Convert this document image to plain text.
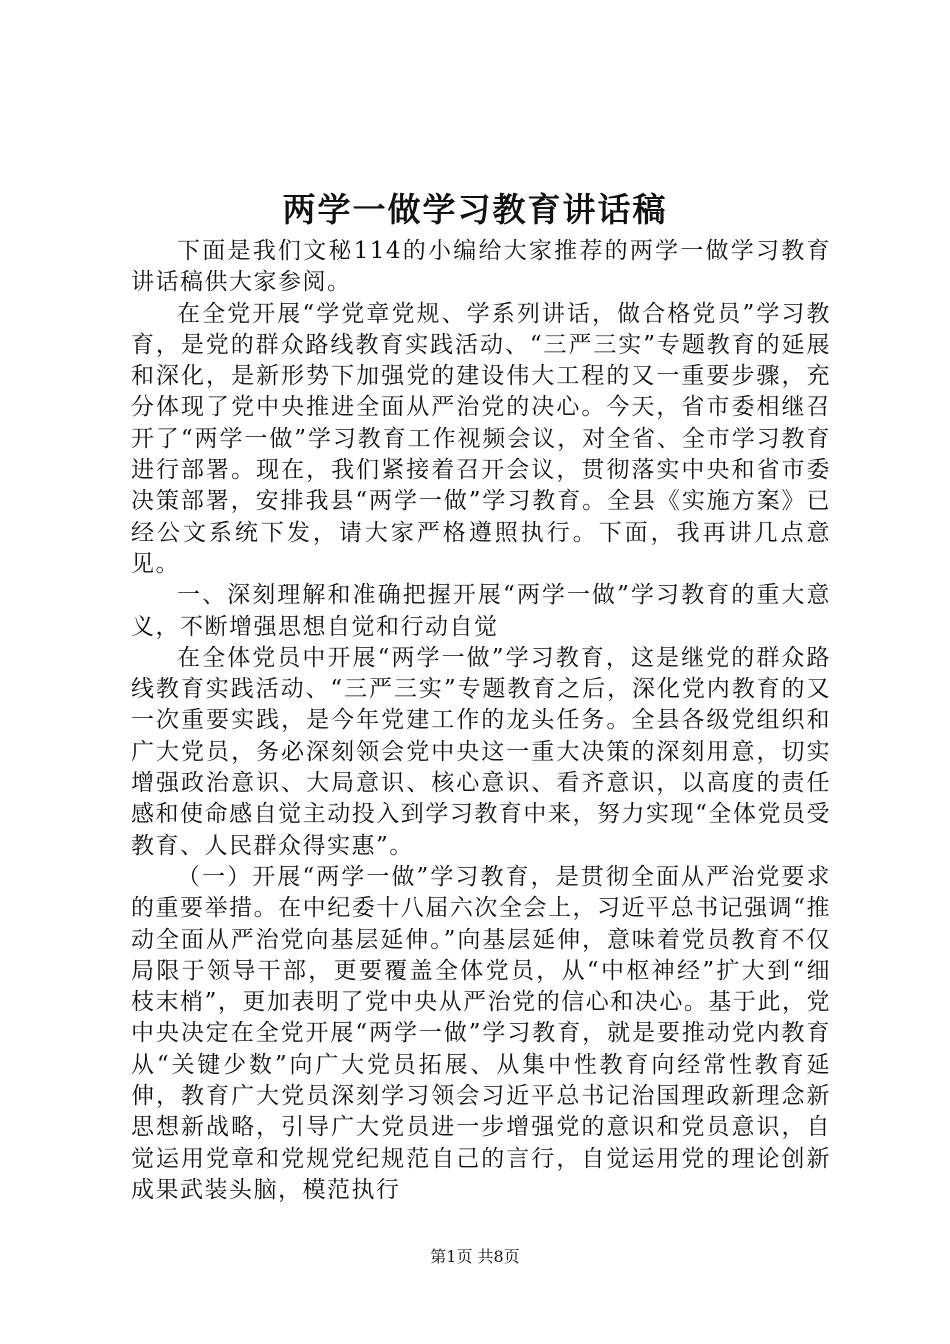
两学一做学习教育讲话稿

下面是我们文秘114的小编给大家推荐的两学一做学习教育讲话稿供大家参阅。

在全党开展“学党章党规、学系列讲话，做合格党员”学习教育，是党的群众路线教育实践活动、“三严三实”专题教育的延展和深化，是新形势下加强党的建设伟大工程的又一重要步骤，充分体现了党中央推进全面从严治党的决心。今天，省市委相继召开了“两学一做”学习教育工作视频会议，对全省、全市学习教育进行部署。现在，我们紧接着召开会议，贯彻落实中央和省市委决策部署，安排我县“两学一做”学习教育。全县《实施方案》已经公文系统下发，请大家严格遵照执行。下面，我再讲几点意见。

一、深刻理解和准确把握开展“两学一做”学习教育的重大意义，不断增强思想自觉和行动自觉

在全体党员中开展“两学一做”学习教育，这是继党的群众路线教育实践活动、“三严三实”专题教育之后，深化党内教育的又一次重要实践，是今年党建工作的龙头任务。全县各级党组织和广大党员，务必深刻领会党中央这一重大决策的深刻用意，切实增强政治意识、大局意识、核心意识、看齐意识，以高度的责任感和使命感自觉主动投入到学习教育中来，努力实现“全体党员受教育、人民群众得实惠”。

（一）开展“两学一做”学习教育，是贯彻全面从严治党要求的重要举措。在中纪委十八届六次全会上，习近平总书记强调“推动全面从严治党向基层延伸。”向基层延伸，意味着党员教育不仅局限于领导干部，更要覆盖全体党员，从“中枢神经”扩大到“细枝末梢”，更加表明了党中央从严治党的信心和决心。基于此，党中央决定在全党开展“两学一做”学习教育，就是要推动党内教育从“关键少数”向广大党员拓展、从集中性教育向经常性教育延伸，教育广大党员深刻学习领会习近平总书记治国理政新理念新思想新战略，引导广大党员进一步增强党的意识和党员意识，自觉运用党章和党规党纪规范自己的言行，自觉运用党的理论创新成果武装头脑，模范执行

第1页 共8页
